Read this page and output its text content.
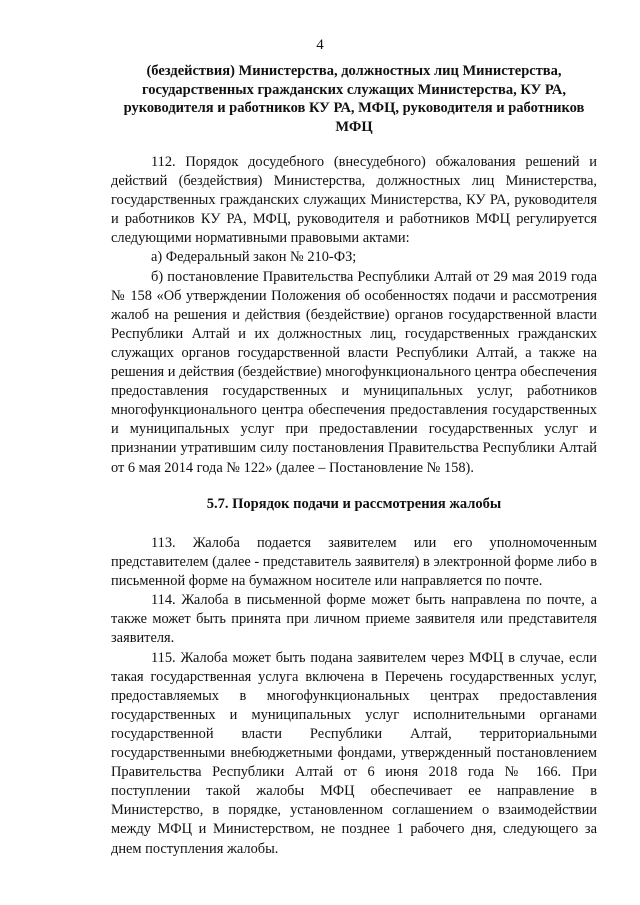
4
(бездействия) Министерства, должностных лиц Министерства, государственных гражданских служащих Министерства, КУ РА, руководителя и работников КУ РА, МФЦ, руководителя и работников МФЦ

112. Порядок досудебного (внесудебного) обжалования решений и действий (бездействия) Министерства, должностных лиц Министерства, государственных гражданских служащих Министерства, КУ РА, руководителя и работников КУ РА, МФЦ, руководителя и работников МФЦ регулируется следующими нормативными правовыми актами:

а) Федеральный закон № 210-ФЗ;

б) постановление Правительства Республики Алтай от 29 мая 2019 года № 158 «Об утверждении Положения об особенностях подачи и рассмотрения жалоб на решения и действия (бездействие) органов государственной власти Республики Алтай и их должностных лиц, государственных гражданских служащих органов государственной власти Республики Алтай, а также на решения и действия (бездействие) многофункционального центра обеспечения предоставления государственных и муниципальных услуг, работников многофункционального центра обеспечения предоставления государственных и муниципальных услуг при предоставлении государственных услуг и признании утратившим силу постановления Правительства Республики Алтай от 6 мая 2014 года № 122» (далее – Постановление № 158).

5.7. Порядок подачи и рассмотрения жалобы

113. Жалоба подается заявителем или его уполномоченным представителем (далее - представитель заявителя) в электронной форме либо в письменной форме на бумажном носителе или направляется по почте.

114. Жалоба в письменной форме может быть направлена по почте, а также может быть принята при личном приеме заявителя или представителя заявителя.

115. Жалоба может быть подана заявителем через МФЦ в случае, если такая государственная услуга включена в Перечень государственных услуг, предоставляемых в многофункциональных центрах предоставления государственных и муниципальных услуг исполнительными органами государственной власти Республики Алтай, территориальными государственными внебюджетными фондами, утвержденный постановлением Правительства Республики Алтай от 6 июня 2018 года № 166. При поступлении такой жалобы МФЦ обеспечивает ее направление в Министерство, в порядке, установленном соглашением о взаимодействии между МФЦ и Министерством, не позднее 1 рабочего дня, следующего за днем поступления жалобы.
